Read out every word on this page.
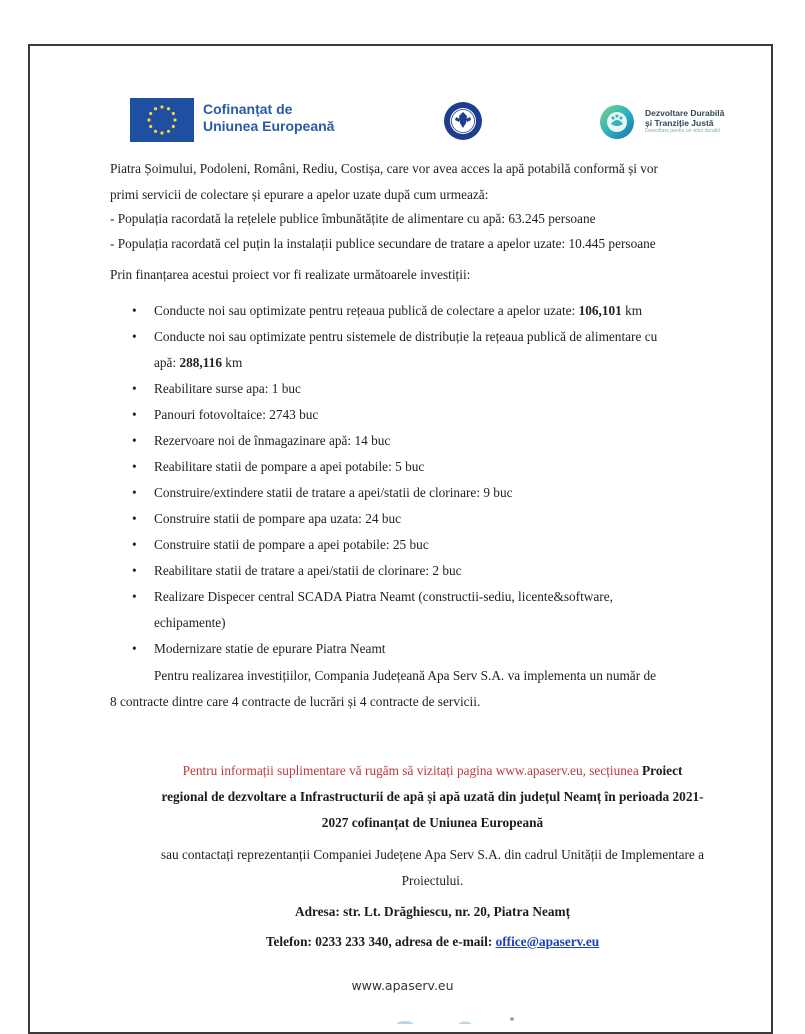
Cofinanțat de
Uniunea Europeană
Dezvoltare Durabilă
și Tranziție Justă
Dezvoltare pentru un viitor durabil
Piatra Șoimului, Podoleni, Români, Rediu, Costișa, care vor avea acces la apă potabilă conformă și vor
primi servicii de colectare și epurare a apelor uzate după cum urmează:
- Populația racordată la rețelele publice îmbunătățite de alimentare cu apă: 63.245 persoane
- Populația racordată cel puțin la instalații publice secundare de tratare a apelor uzate: 10.445 persoane
Prin finanțarea acestui proiect vor fi realizate următoarele investiții:
• Conducte noi sau optimizate pentru rețeaua publică de colectare a apelor uzate: 106,101 km
• Conducte noi sau optimizate pentru sistemele de distribuție la rețeaua publică de alimentare cu
apă: 288,116 km
• Reabilitare surse apa: 1 buc
• Panouri fotovoltaice: 2743 buc
• Rezervoare noi de înmagazinare apă: 14 buc
• Reabilitare statii de pompare a apei potabile: 5 buc
• Construire/extindere statii de tratare a apei/statii de clorinare: 9 buc
• Construire statii de pompare apa uzata: 24 buc
• Construire statii de pompare a apei potabile: 25 buc
• Reabilitare statii de tratare a apei/statii de clorinare: 2 buc
• Realizare Dispecer central SCADA Piatra Neamt (constructii-sediu, licente&software,
echipamente)
• Modernizare statie de epurare Piatra Neamt
Pentru realizarea investițiilor, Compania Județeană Apa Serv S.A. va implementa un număr de
8 contracte dintre care 4 contracte de lucrări și 4 contracte de servicii.
Pentru informații suplimentare vă rugăm să vizitați pagina www.apaserv.eu, secțiunea Proiect
regional de dezvoltare a Infrastructurii de apă și apă uzată din județul Neamț în perioada 2021-
2027 cofinanțat de Uniunea Europeană
sau contactați reprezentanții Companiei Județene Apa Serv S.A. din cadrul Unității de Implementare a
Proiectului.
Adresa: str. Lt. Drăghiescu, nr. 20, Piatra Neamț
Telefon: 0233 233 340, adresa de e-mail: office@apaserv.eu
www.apaserv.eu
